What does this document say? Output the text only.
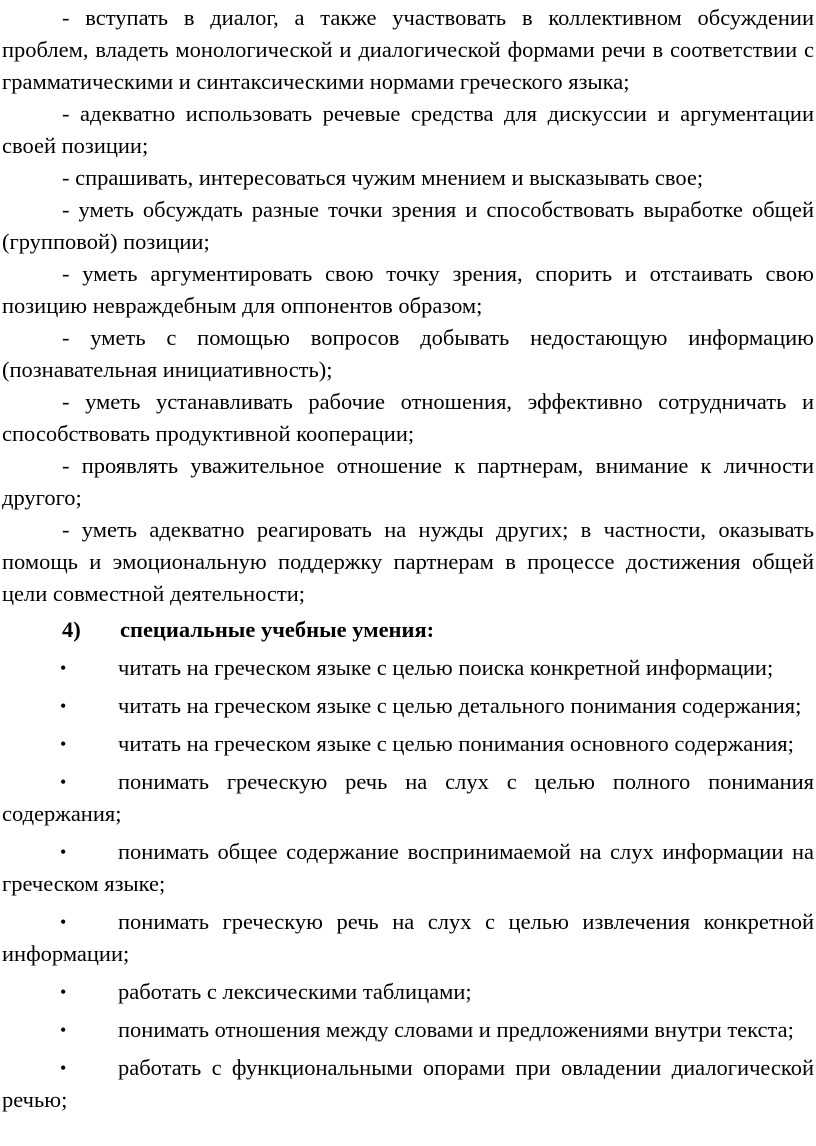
- вступать в диалог, а также участвовать в коллективном обсуждении проблем, владеть монологической и диалогической формами речи в соответствии с грамматическими и синтаксическими нормами греческого языка;

- адекватно использовать речевые средства для дискуссии и аргументации своей позиции;

- спрашивать, интересоваться чужим мнением и высказывать свое;

- уметь обсуждать разные точки зрения и способствовать выработке общей (групповой) позиции;

- уметь аргументировать свою точку зрения, спорить и отстаивать свою позицию невраждебным для оппонентов образом;

- уметь с помощью вопросов добывать недостающую информацию (познавательная инициативность);

- уметь устанавливать рабочие отношения, эффективно сотрудничать и способствовать продуктивной кооперации;

- проявлять уважительное отношение к партнерам, внимание к личности другого;

- уметь адекватно реагировать на нужды других; в частности, оказывать помощь и эмоциональную поддержку партнерам в процессе достижения общей цели совместной деятельности;

4) специальные учебные умения:

• читать на греческом языке с целью поиска конкретной информации;

• читать на греческом языке с целью детального понимания содержания;

• читать на греческом языке с целью понимания основного содержания;

• понимать греческую речь на слух с целью полного понимания содержания;

• понимать общее содержание воспринимаемой на слух информации на греческом языке;

• понимать греческую речь на слух с целью извлечения конкретной информации;

• работать с лексическими таблицами;

• понимать отношения между словами и предложениями внутри текста;

• работать с функциональными опорами при овладении диалогической речью;
